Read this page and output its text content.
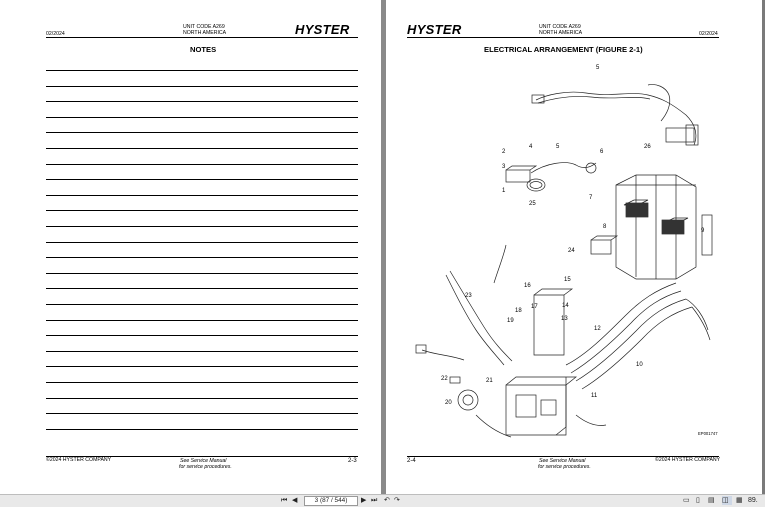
02/2024
UNIT CODE A269
NORTH AMERICA	HYSTER
NOTES
©2024 HYSTER COMPANY	See Service Manual
for service procedures.
2-3
HYSTER	UNIT CODE A269
NORTH AMERICA	02/2024
ELECTRICAL ARRANGEMENT (FIGURE 2-1)
1
2
3
4
5
5
6
7
8
9
10
11
12
13
14
15
16
17
18
19
20
21
22
23
24
25
26
EP001747
2-4	See Service Manual
for service procedures.
©2024 HYSTER COMPANY
⏮ ◀	3 (87 / 544)	▶ ⏭ ↶ ↷	▭ ▯ ▤ ◫	▦ 89.
